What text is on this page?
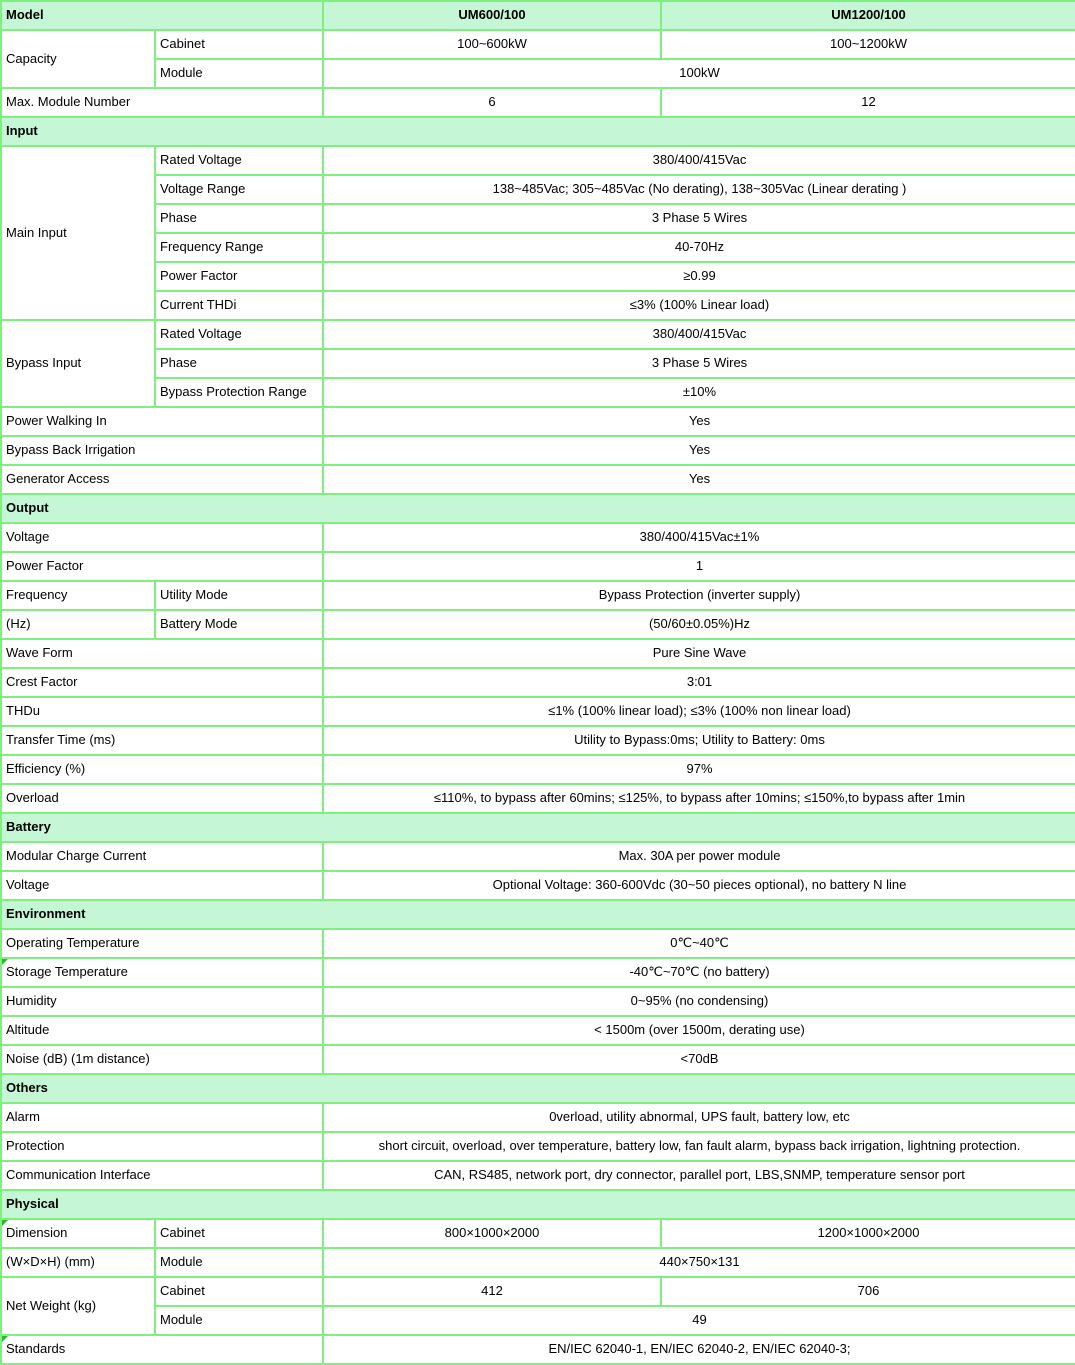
Model		UM600/100	UM1200/100
Capacity	Cabinet	100~600kW	100~1200kW
	Module	100kW	
Max. Module Number		6	12
Input			
Main Input	Rated Voltage	380/400/415Vac	
	Voltage Range	138~485Vac; 305~485Vac (No derating), 138~305Vac (Linear derating )	
	Phase	3 Phase 5 Wires	
	Frequency Range	40-70Hz	
	Power Factor	≥0.99	
	Current THDi	≤3% (100% Linear load)	
Bypass Input	Rated Voltage	380/400/415Vac	
	Phase	3 Phase 5 Wires	
	Bypass Protection Range	±10%	
Power Walking In		Yes	
Bypass Back Irrigation		Yes	
Generator Access		Yes	
Output			
Voltage		380/400/415Vac±1%	
Power Factor		1	
Frequency	Utility Mode	Bypass Protection (inverter supply)	
(Hz)	Battery Mode	(50/60±0.05%)Hz	
Wave Form		Pure Sine Wave	
Crest Factor		3:01	
THDu		≤1% (100% linear load); ≤3% (100% non linear load)	
Transfer Time (ms)		Utility to Bypass:0ms; Utility to Battery: 0ms	
Efficiency (%)		97%	
Overload		≤110%, to bypass after 60mins; ≤125%, to bypass after 10mins; ≤150%,to bypass after 1min	
Battery			
Modular Charge Current		Max. 30A per power module	
Voltage		Optional Voltage: 360-600Vdc (30~50 pieces optional), no battery N line	
Environment			
Operating Temperature		0℃~40℃	
Storage Temperature		-40℃~70℃ (no battery)	
Humidity		0~95% (no condensing)	
Altitude		< 1500m (over 1500m, derating use)	
Noise (dB) (1m distance)		<70dB	
Others			
Alarm		0verload, utility abnormal, UPS fault, battery low, etc	
Protection		short circuit, overload, over temperature, battery low, fan fault alarm, bypass back irrigation, lightning protection.	
Communication Interface		CAN, RS485, network port, dry connector, parallel port, LBS,SNMP, temperature sensor port	
Physical			
Dimension	Cabinet	800×1000×2000	1200×1000×2000
(W×D×H) (mm)	Module	440×750×131	
Net Weight (kg)	Cabinet	412	706
	Module	49	
Standards		EN/IEC 62040-1, EN/IEC 62040-2, EN/IEC 62040-3;	
